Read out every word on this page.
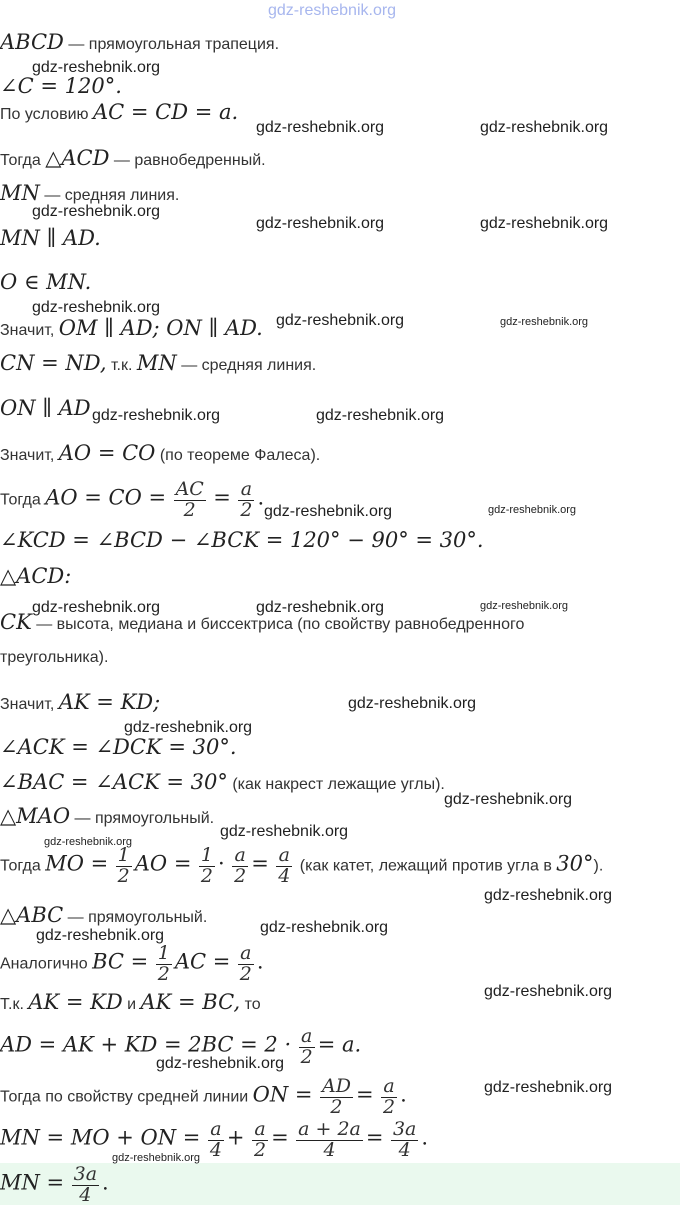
ABCD — прямоугольная трапеция.
∠C = 120°.
По условию AC = CD = a.
Тогда △ACD — равнобедренный.
MN — средняя линия.
MN ∥ AD.
O ∈ MN.
Значит, OM ∥ AD; ON ∥ AD.
CN = ND, т.к. MN — средняя линия.
ON ∥ AD
Значит, AO = CO (по теореме Фалеса).
Тогда AO = CO = $\frac{AC}{2} = \frac{a}{2}$ .
∠KCD = ∠BCD − ∠BCK = 120° − 90° = 30°.
△ACD:
CK — высота, медиана и биссектриса (по свойству равнобедренного
треугольника).
Значит, AK = KD;
∠ACK = ∠DCK = 30°.
∠BAC = ∠ACK = 30° (как накрест лежащие углы).
△MAO — прямоугольный.
Тогда MO = $\frac{1}{2}$ AO = $\frac{1}{2} \cdot \frac{a}{2} = \frac{a}{4} (как$ катет, лежащий против угла в 30°).
△ABC — прямоугольный.
Аналогично BC = $\frac{1}{2}$ AC = $\frac{a}{2}$ .
Т.к. AK = KD и AK = BC, то
AD = AK + KD = $2BC = 2 \cdot \frac{a}{2} = a$.
Тогда по свойству средней линии ON = $\frac{AD}{2} = \frac{a}{2}$ .
MN = MO + ON = $\frac{a}{4} + \frac{a}{2} = \frac{a + 2a}{4} = \frac{3a}{4}$ .
MN = $\frac{3a}{4}$ .
gdz-reshebnik.org
gdz-reshebnik.org
gdz-reshebnik.org	gdz-reshebnik.org
gdz-reshebnik.org
gdz-reshebnik.org	gdz-reshebnik.org
gdz-reshebnik.org
gdz-reshebnik.org	gdz-reshebnik.org
gdz-reshebnik.org	gdz-reshebnik.org
gdz-reshebnik.org	gdz-reshebnik.org
gdz-reshebnik.org	gdz-reshebnik.org	gdz-reshebnik.org
gdz-reshebnik.org
gdz-reshebnik.org
gdz-reshebnik.org
gdz-reshebnik.org
gdz-reshebnik.org
gdz-reshebnik.org
gdz-reshebnik.org
gdz-reshebnik.org
gdz-reshebnik.org
gdz-reshebnik.org
gdz-reshebnik.org
gdz-reshebnik.org
